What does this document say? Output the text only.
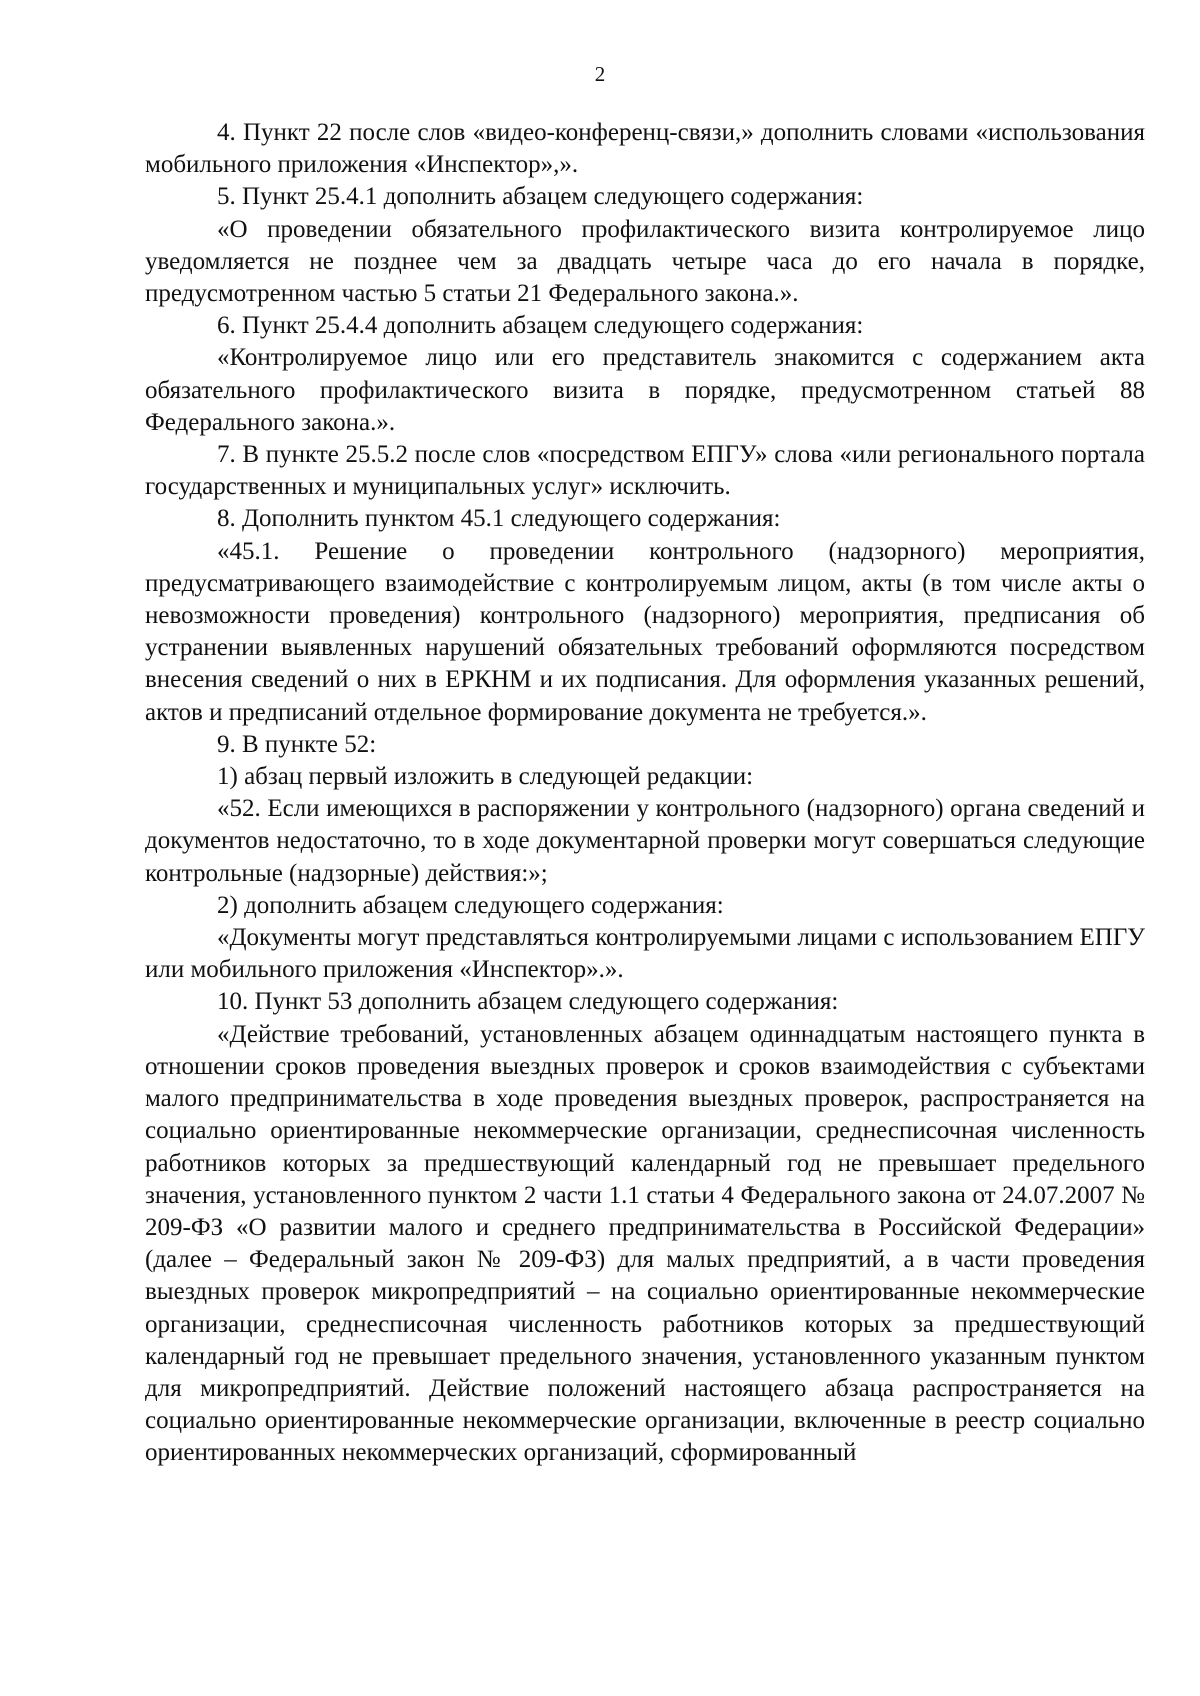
2

4. Пункт 22 после слов «видео-конференц-связи,» дополнить словами «использования мобильного приложения «Инспектор»,».

5. Пункт 25.4.1 дополнить абзацем следующего содержания:

«О проведении обязательного профилактического визита контролируемое лицо уведомляется не позднее чем за двадцать четыре часа до его начала в порядке, предусмотренном частью 5 статьи 21 Федерального закона.».

6. Пункт 25.4.4 дополнить абзацем следующего содержания:

«Контролируемое лицо или его представитель знакомится с содержанием акта обязательного профилактического визита в порядке, предусмотренном статьей 88 Федерального закона.».

7. В пункте 25.5.2 после слов «посредством ЕПГУ» слова «или регионального портала государственных и муниципальных услуг» исключить.

8. Дополнить пунктом 45.1 следующего содержания:

«45.1. Решение о проведении контрольного (надзорного) мероприятия, предусматривающего взаимодействие с контролируемым лицом, акты (в том числе акты о невозможности проведения) контрольного (надзорного) мероприятия, предписания об устранении выявленных нарушений обязательных требований оформляются посредством внесения сведений о них в ЕРКНМ и их подписания. Для оформления указанных решений, актов и предписаний отдельное формирование документа не требуется.».

9. В пункте 52:

1) абзац первый изложить в следующей редакции:

«52. Если имеющихся в распоряжении у контрольного (надзорного) органа сведений и документов недостаточно, то в ходе документарной проверки могут совершаться следующие контрольные (надзорные) действия:»;

2) дополнить абзацем следующего содержания:

«Документы могут представляться контролируемыми лицами с использованием ЕПГУ или мобильного приложения «Инспектор».».

10. Пункт 53 дополнить абзацем следующего содержания:

«Действие требований, установленных абзацем одиннадцатым настоящего пункта в отношении сроков проведения выездных проверок и сроков взаимодействия с субъектами малого предпринимательства в ходе проведения выездных проверок, распространяется на социально ориентированные некоммерческие организации, среднесписочная численность работников которых за предшествующий календарный год не превышает предельного значения, установленного пунктом 2 части 1.1 статьи 4 Федерального закона от 24.07.2007 № 209-ФЗ «О развитии малого и среднего предпринимательства в Российской Федерации» (далее – Федеральный закон № 209-ФЗ) для малых предприятий, а в части проведения выездных проверок микропредприятий – на социально ориентированные некоммерческие организации, среднесписочная численность работников которых за предшествующий календарный год не превышает предельного значения, установленного указанным пунктом для микропредприятий. Действие положений настоящего абзаца распространяется на социально ориентированные некоммерческие организации, включенные в реестр социально ориентированных некоммерческих организаций, сформированный
